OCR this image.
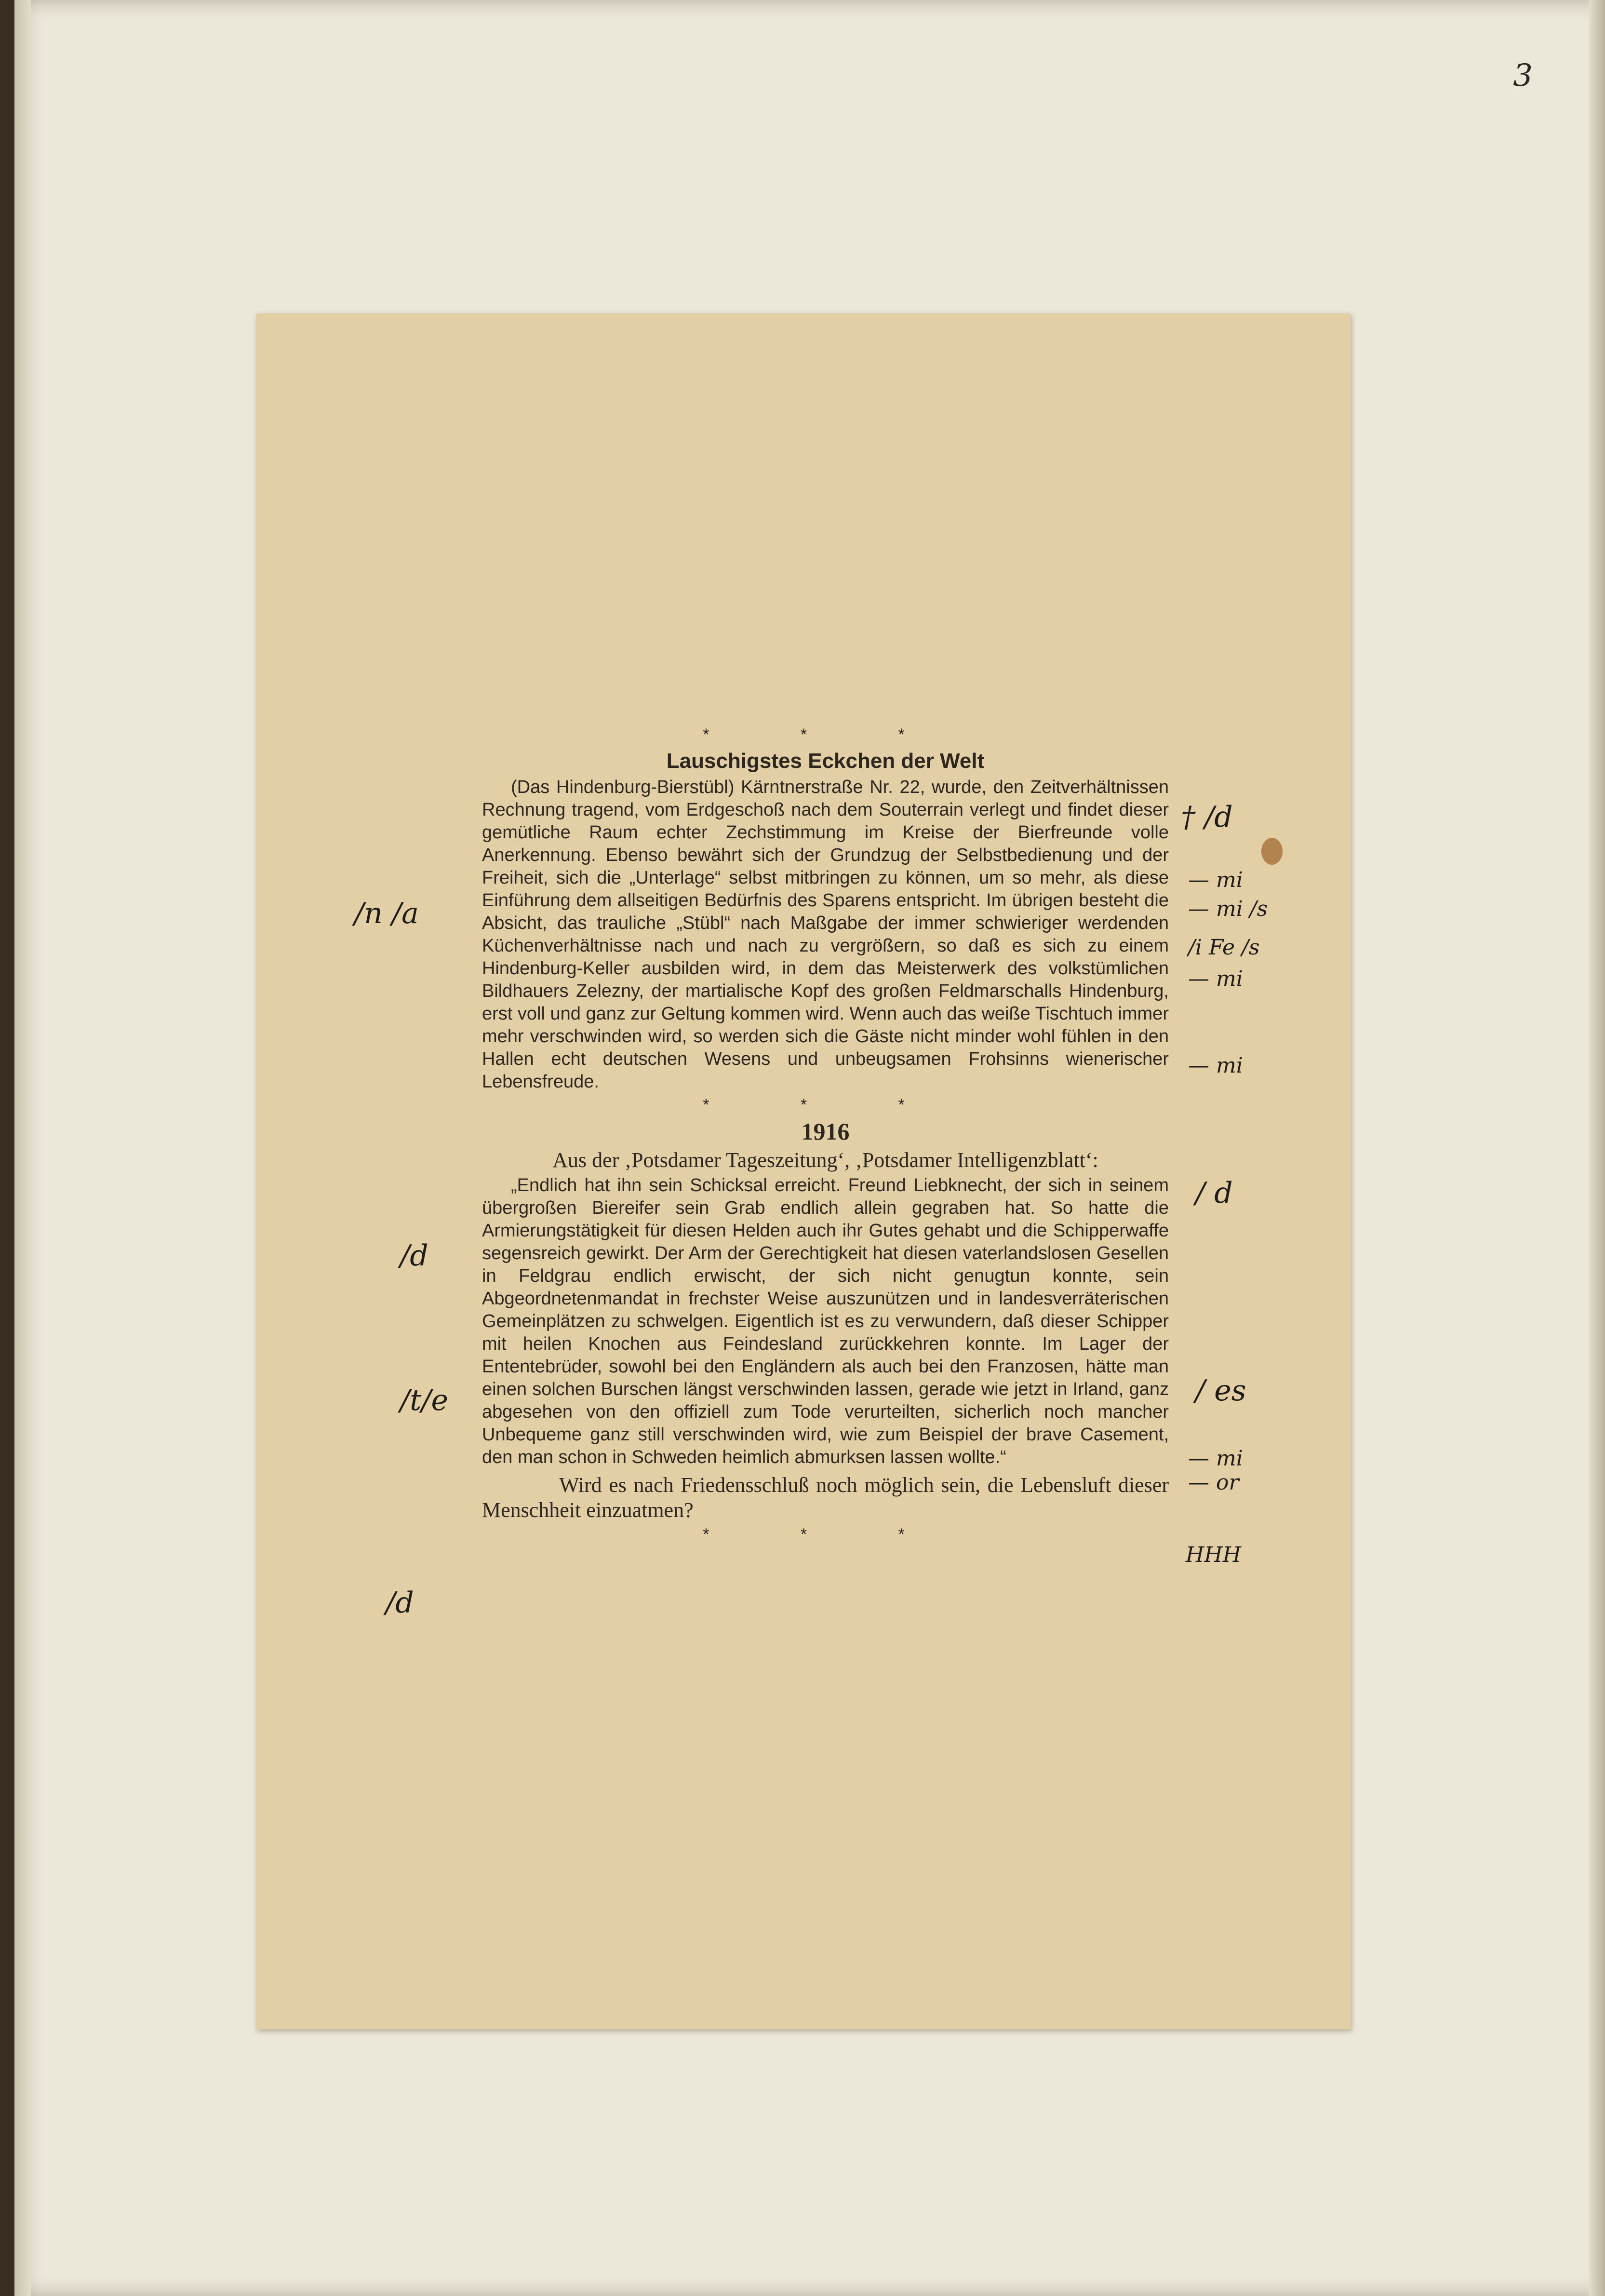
3
* * *
Lauschigstes Eckchen der Welt

(Das Hindenburg-Bierstübl) Kärntnerstraße Nr. 22, wurde, den Zeitverhältnissen Rechnung tragend, vom Erdgeschoß nach dem Souterrain verlegt und findet dieser gemütliche Raum echter Zechstimmung im Kreise der Bierfreunde volle Anerkennung. Ebenso bewährt sich der Grundzug der Selbstbedienung und der Freiheit, sich die „Unterlage“ selbst mitbringen zu können, um so mehr, als diese Einführung dem allseitigen Bedürfnis des Sparens entspricht. Im übrigen besteht die Absicht, das trauliche „Stübl“ nach Maßgabe der immer schwieriger werdenden Küchenverhältnisse nach und nach zu vergrößern, so daß es sich zu einem Hindenburg-Keller ausbilden wird, in dem das Meisterwerk des volkstümlichen Bildhauers Zelezny, der martialische Kopf des großen Feldmarschalls Hindenburg, erst voll und ganz zur Geltung kommen wird. Wenn auch das weiße Tischtuch immer mehr verschwinden wird, so werden sich die Gäste nicht minder wohl fühlen in den Hallen echt deutschen Wesens und unbeugsamen Frohsinns wienerischer Lebensfreude.

* * *
1916

Aus der ‚Potsdamer Tageszeitung‘, ‚Potsdamer Intelligenzblatt‘:

„Endlich hat ihn sein Schicksal erreicht. Freund Liebknecht, der sich in seinem übergroßen Biereifer sein Grab endlich allein gegraben hat. So hatte die Armierungstätigkeit für diesen Helden auch ihr Gutes gehabt und die Schipperwaffe segensreich gewirkt. Der Arm der Gerechtigkeit hat diesen vaterlandslosen Gesellen in Feldgrau endlich erwischt, der sich nicht genugtun konnte, sein Abgeordnetenmandat in frechster Weise auszunützen und in landesverräterischen Gemeinplätzen zu schwelgen. Eigentlich ist es zu verwundern, daß dieser Schipper mit heilen Knochen aus Feindesland zurückkehren konnte. Im Lager der Ententebrüder, sowohl bei den Engländern als auch bei den Franzosen, hätte man einen solchen Burschen längst verschwinden lassen, gerade wie jetzt in Irland, ganz abgesehen von den offiziell zum Tode verurteilten, sicherlich noch mancher Unbequeme ganz still verschwinden wird, wie zum Beispiel der brave Casement, den man schon in Schweden heimlich abmurksen lassen wollte.“

Wird es nach Friedensschluß noch möglich sein, die Lebensluft dieser Menschheit einzuatmen?

* * *
† /d
— mi
— mi /s
/i Fe /s
— mi
— mi
/ d
/ es
— mi
— or
HHH
/n /a
/d
/t/e
/d
